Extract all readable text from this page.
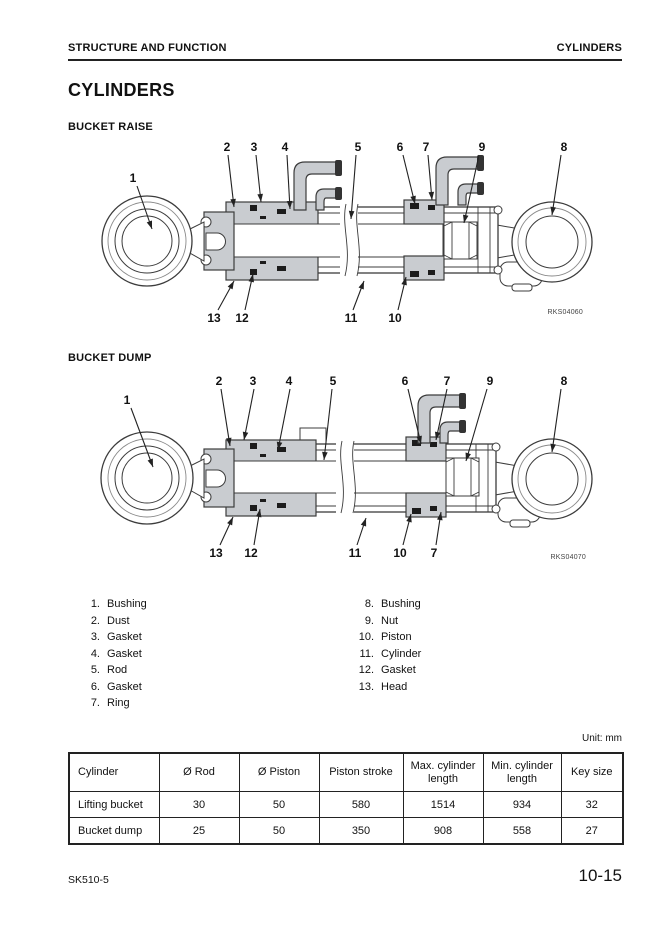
STRUCTURE AND FUNCTION	CYLINDERS
CYLINDERS
BUCKET RAISE
RKS04060
1
2 3 4	5	6 7	9	8
13 12	11	10
BUCKET DUMP
RKS04070
1
2 3 4	5	6	7	9	8
13 12	11	10 7
1. Bushing
2. Dust
3. Gasket
4. Gasket
5. Rod
6. Gasket
7. Ring
8. Bushing
9. Nut
10. Piston
11. Cylinder
12. Gasket
13. Head
Unit: mm
Cylinder	Ø Rod	Ø Piston	Piston stroke	Max. cylinder length	Min. cylinder length	Key size
Lifting bucket	30	50	580	1514	934	32
Bucket dump	25	50	350	908	558	27
SK510-5	10-15
